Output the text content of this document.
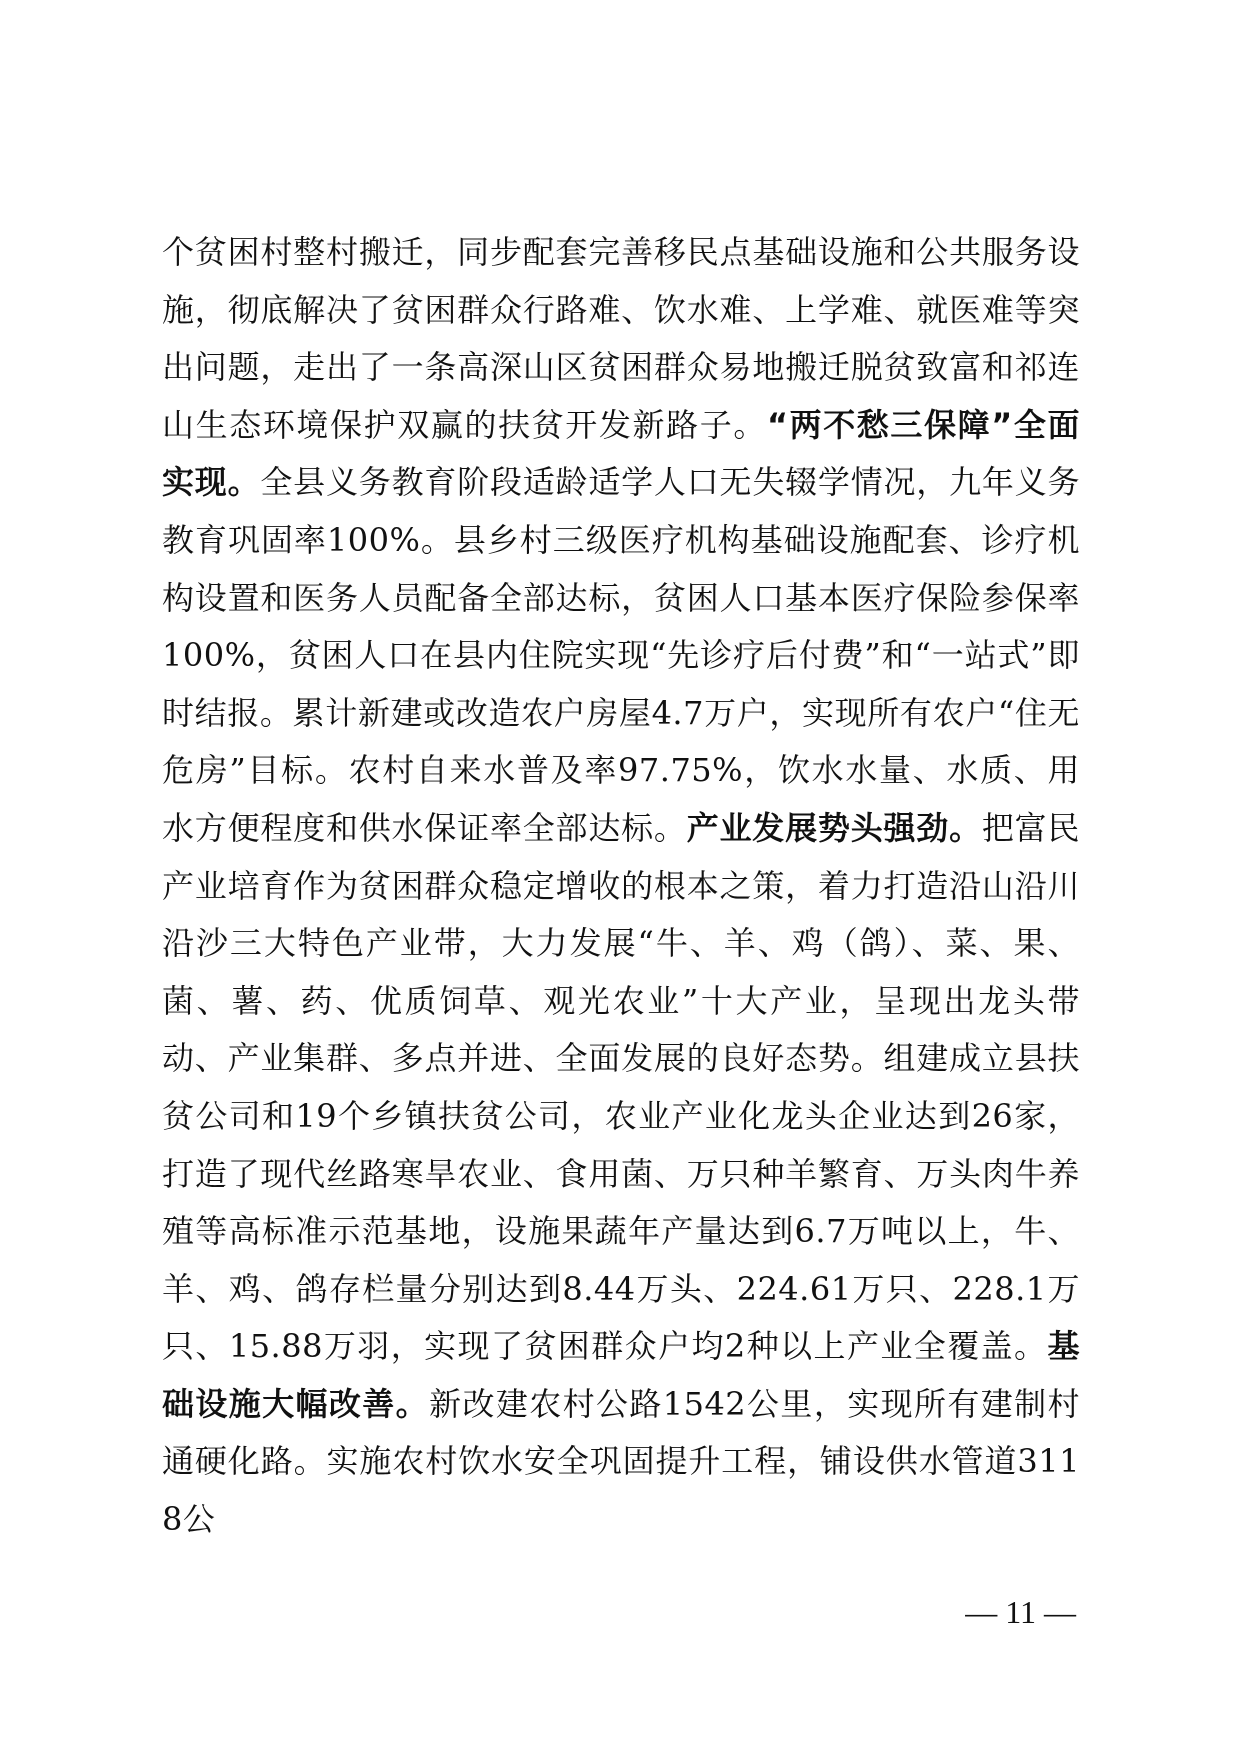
个贫困村整村搬迁，同步配套完善移民点基础设施和公共服务设施，彻底解决了贫困群众行路难、饮水难、上学难、就医难等突出问题，走出了一条高深山区贫困群众易地搬迁脱贫致富和祁连山生态环境保护双赢的扶贫开发新路子。“两不愁三保障”全面实现。全县义务教育阶段适龄适学人口无失辍学情况，九年义务教育巩固率100%。县乡村三级医疗机构基础设施配套、诊疗机构设置和医务人员配备全部达标，贫困人口基本医疗保险参保率100%，贫困人口在县内住院实现“先诊疗后付费”和“一站式”即时结报。累计新建或改造农户房屋4.7万户，实现所有农户“住无危房”目标。农村自来水普及率97.75%，饮水水量、水质、用水方便程度和供水保证率全部达标。产业发展势头强劲。把富民产业培育作为贫困群众稳定增收的根本之策，着力打造沿山沿川沿沙三大特色产业带，大力发展“牛、羊、鸡（鸽）、菜、果、菌、薯、药、优质饲草、观光农业”十大产业，呈现出龙头带动、产业集群、多点并进、全面发展的良好态势。组建成立县扶贫公司和19个乡镇扶贫公司，农业产业化龙头企业达到26家，打造了现代丝路寒旱农业、食用菌、万只种羊繁育、万头肉牛养殖等高标准示范基地，设施果蔬年产量达到6.7万吨以上，牛、羊、鸡、鸽存栏量分别达到8.44万头、224.61万只、228.1万只、15.88万羽，实现了贫困群众户均2种以上产业全覆盖。基础设施大幅改善。新改建农村公路1542公里，实现所有建制村通硬化路。实施农村饮水安全巩固提升工程，铺设供水管道3118公

— 11 —
